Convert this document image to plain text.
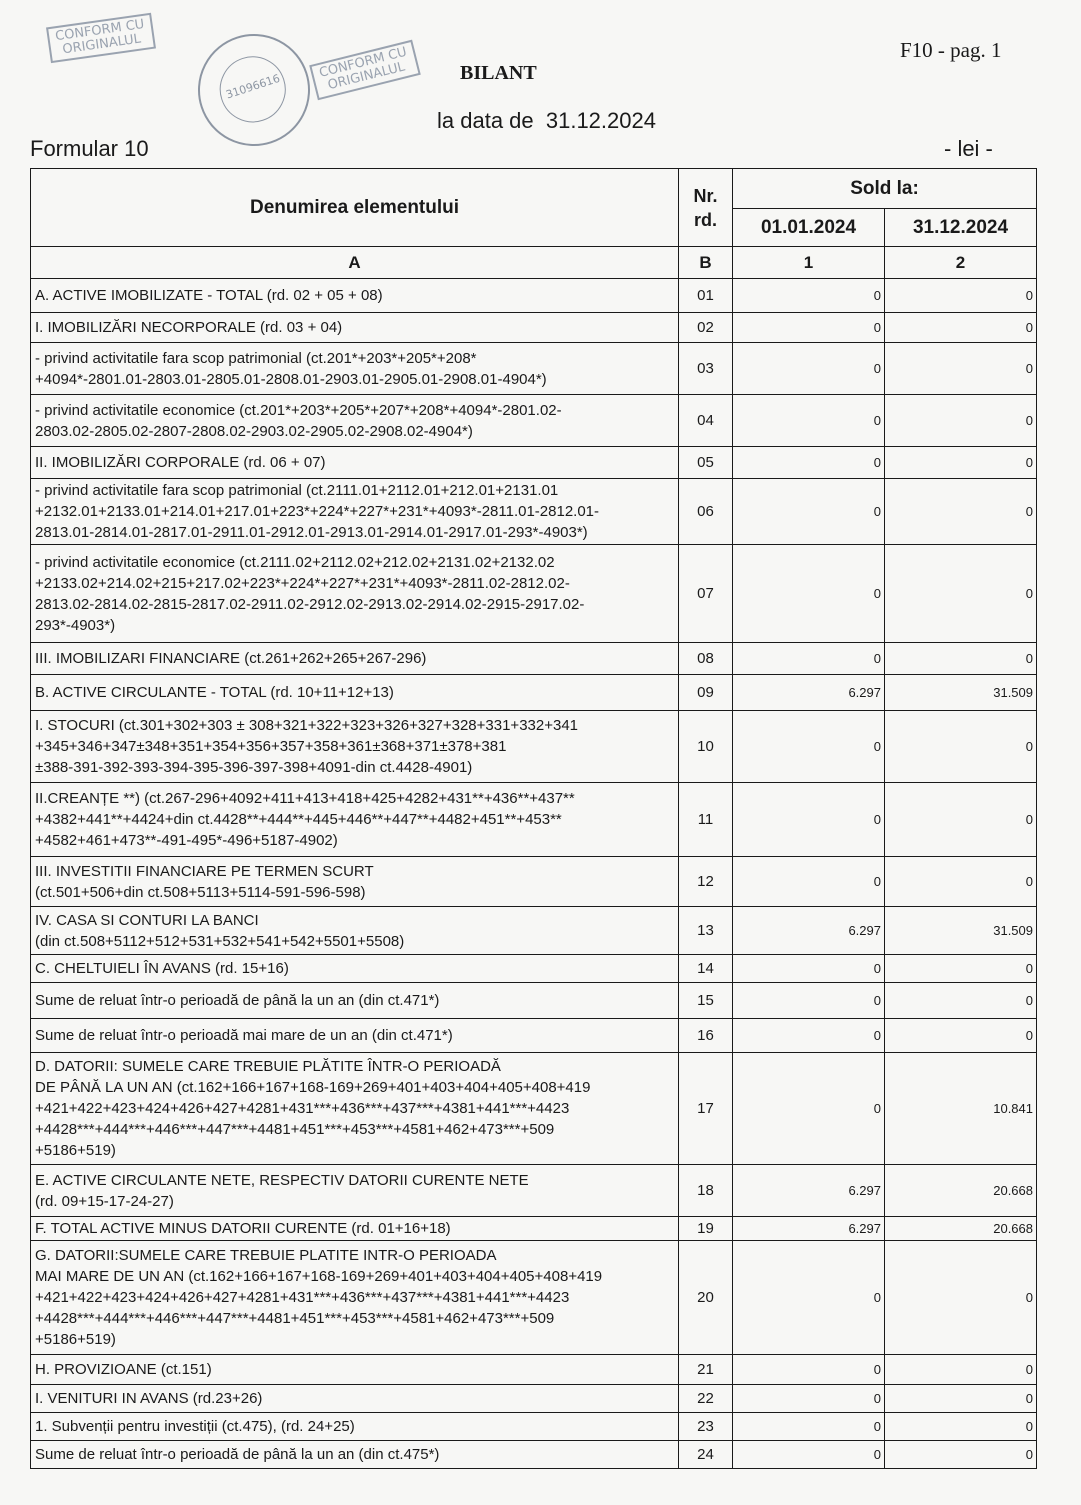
CONFORM CU
ORIGINALUL
31096616
CONFORM CU
ORIGINALUL	BILANT
la data de  31.12.2024
F10 - pag. 1
Formular 10	- lei -
Denumirea elementului	Nr.
rd.	Sold la:	
		01.01.2024	31.12.2024
A	B	1	2
A. ACTIVE IMOBILIZATE - TOTAL (rd. 02 + 05 + 08)	01	0	0
I. IMOBILIZĂRI NECORPORALE (rd. 03 + 04)	02	0	0
- privind activitatile fara scop patrimonial (ct.201*+203*+205*+208*
+4094*-2801.01-2803.01-2805.01-2808.01-2903.01-2905.01-2908.01-4904*)	03	0	0
- privind activitatile economice (ct.201*+203*+205*+207*+208*+4094*-2801.02-
2803.02-2805.02-2807-2808.02-2903.02-2905.02-2908.02-4904*)	04	0	0
II. IMOBILIZĂRI CORPORALE (rd. 06 + 07)	05	0	0
- privind activitatile fara scop patrimonial (ct.2111.01+2112.01+212.01+2131.01
+2132.01+2133.01+214.01+217.01+223*+224*+227*+231*+4093*-2811.01-2812.01-
2813.01-2814.01-2817.01-2911.01-2912.01-2913.01-2914.01-2917.01-293*-4903*)	06	0	0
- privind activitatile economice (ct.2111.02+2112.02+212.02+2131.02+2132.02
+2133.02+214.02+215+217.02+223*+224*+227*+231*+4093*-2811.02-2812.02-
2813.02-2814.02-2815-2817.02-2911.02-2912.02-2913.02-2914.02-2915-2917.02-
293*-4903*)	07	0	0
III. IMOBILIZARI FINANCIARE (ct.261+262+265+267-296)	08	0	0
B. ACTIVE CIRCULANTE - TOTAL (rd. 10+11+12+13)	09	6.297	31.509
I. STOCURI (ct.301+302+303 ± 308+321+322+323+326+327+328+331+332+341
+345+346+347±348+351+354+356+357+358+361±368+371±378+381
±388-391-392-393-394-395-396-397-398+4091-din ct.4428-4901)	10	0	0
II.CREANȚE **) (ct.267-296+4092+411+413+418+425+4282+431**+436**+437**
+4382+441**+4424+din ct.4428**+444**+445+446**+447**+4482+451**+453**
+4582+461+473**-491-495*-496+5187-4902)	11	0	0
III. INVESTITII FINANCIARE PE TERMEN SCURT
(ct.501+506+din ct.508+5113+5114-591-596-598)	12	0	0
IV. CASA SI CONTURI LA BANCI
(din ct.508+5112+512+531+532+541+542+5501+5508)	13	6.297	31.509
C. CHELTUIELI ÎN AVANS (rd. 15+16)	14	0	0
Sume de reluat într-o perioadă de până la un an (din ct.471*)	15	0	0
Sume de reluat într-o perioadă mai mare de un an (din ct.471*)	16	0	0
D. DATORII: SUMELE CARE TREBUIE PLĂTITE ÎNTR-O PERIOADĂ
DE PÂNĂ LA UN AN (ct.162+166+167+168-169+269+401+403+404+405+408+419
+421+422+423+424+426+427+4281+431***+436***+437***+4381+441***+4423
+4428***+444***+446***+447***+4481+451***+453***+4581+462+473***+509
+5186+519)	17	0	10.841
E. ACTIVE CIRCULANTE NETE, RESPECTIV DATORII CURENTE NETE
(rd. 09+15-17-24-27)	18	6.297	20.668
F. TOTAL ACTIVE MINUS DATORII CURENTE (rd. 01+16+18)	19	6.297	20.668
G. DATORII:SUMELE CARE TREBUIE PLATITE INTR-O PERIOADA
MAI MARE DE UN AN (ct.162+166+167+168-169+269+401+403+404+405+408+419
+421+422+423+424+426+427+4281+431***+436***+437***+4381+441***+4423
+4428***+444***+446***+447***+4481+451***+453***+4581+462+473***+509
+5186+519)	20	0	0
H. PROVIZIOANE (ct.151)	21	0	0
I. VENITURI IN AVANS (rd.23+26)	22	0	0
1. Subvenții pentru investiții (ct.475), (rd. 24+25)	23	0	0
Sume de reluat într-o perioadă de până la un an (din ct.475*)	24	0	0
